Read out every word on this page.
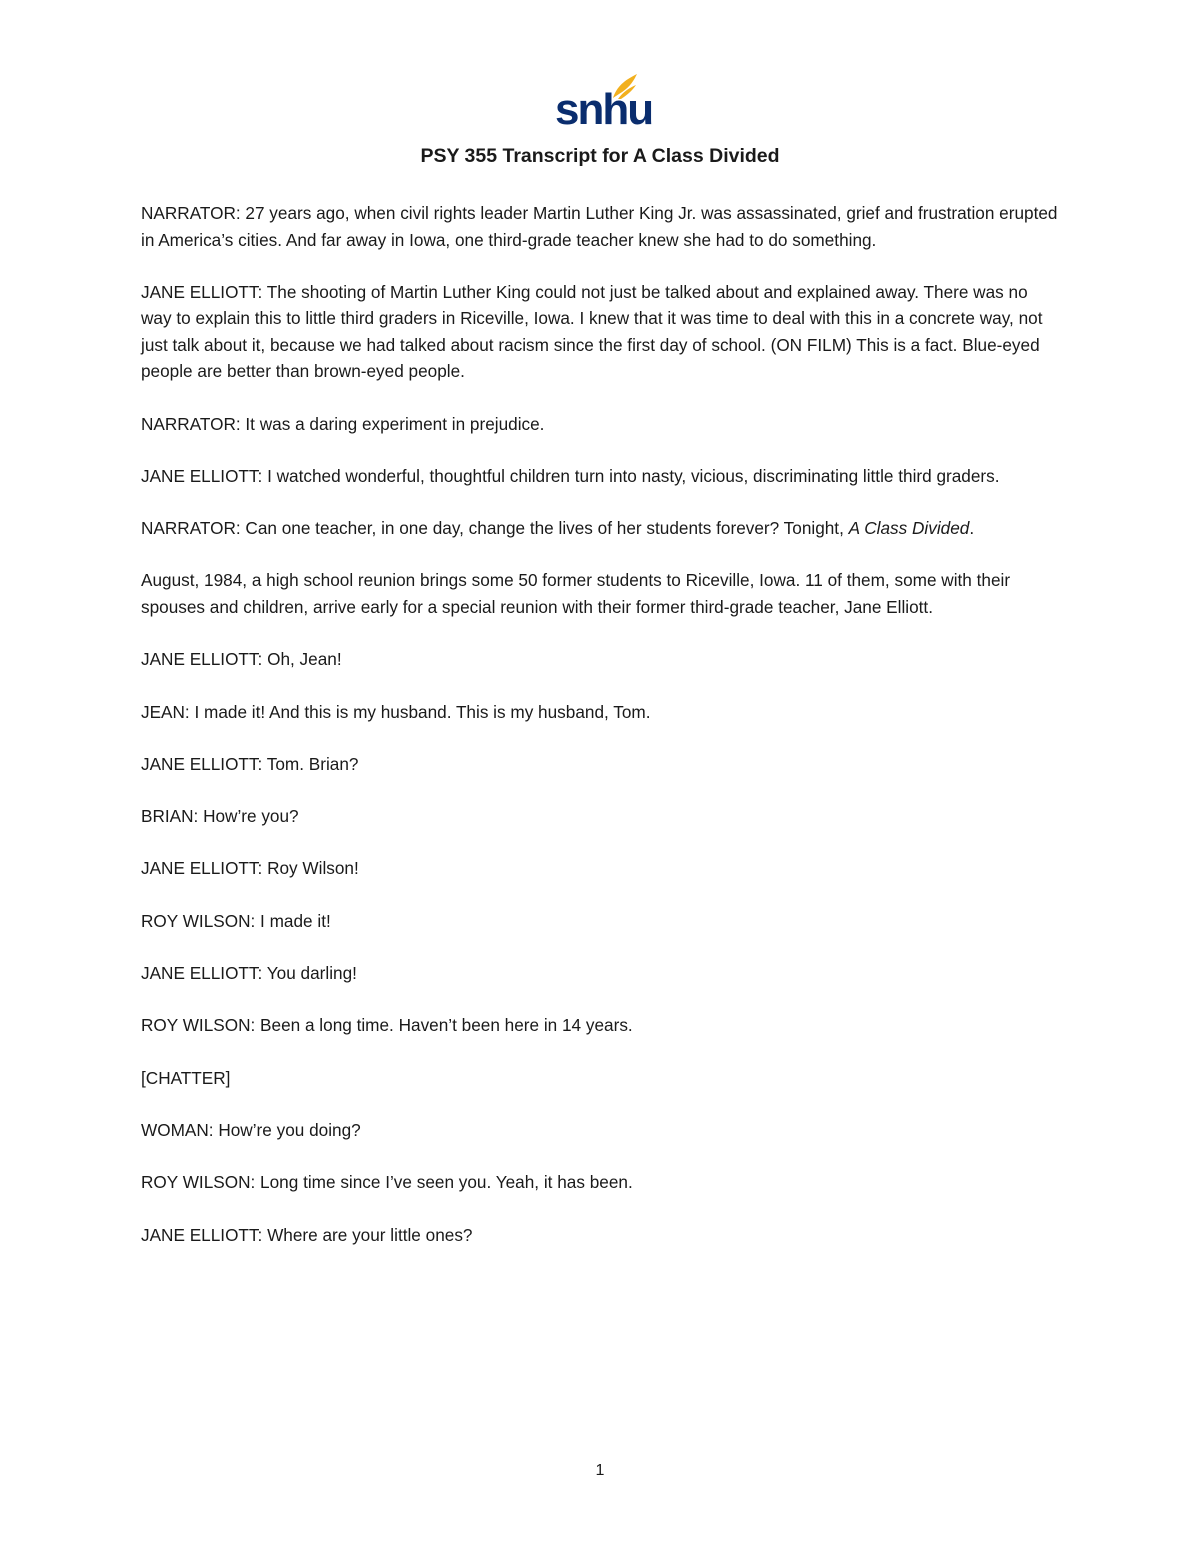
snhu
PSY 355 Transcript for A Class Divided

NARRATOR: 27 years ago, when civil rights leader Martin Luther King Jr. was assassinated, grief and frustration erupted in America’s cities. And far away in Iowa, one third-grade teacher knew she had to do something.

JANE ELLIOTT: The shooting of Martin Luther King could not just be talked about and explained away. There was no way to explain this to little third graders in Riceville, Iowa. I knew that it was time to deal with this in a concrete way, not just talk about it, because we had talked about racism since the first day of school. (ON FILM) This is a fact. Blue-eyed people are better than brown-eyed people.

NARRATOR: It was a daring experiment in prejudice.

JANE ELLIOTT: I watched wonderful, thoughtful children turn into nasty, vicious, discriminating little third graders.

NARRATOR: Can one teacher, in one day, change the lives of her students forever? Tonight, A Class Divided.

August, 1984, a high school reunion brings some 50 former students to Riceville, Iowa. 11 of them, some with their spouses and children, arrive early for a special reunion with their former third-grade teacher, Jane Elliott.

JANE ELLIOTT: Oh, Jean!

JEAN: I made it! And this is my husband. This is my husband, Tom.

JANE ELLIOTT: Tom. Brian?

BRIAN: How’re you?

JANE ELLIOTT: Roy Wilson!

ROY WILSON: I made it!

JANE ELLIOTT: You darling!

ROY WILSON: Been a long time. Haven’t been here in 14 years.

[CHATTER]

WOMAN: How’re you doing?

ROY WILSON: Long time since I’ve seen you. Yeah, it has been.

JANE ELLIOTT: Where are your little ones?

1
